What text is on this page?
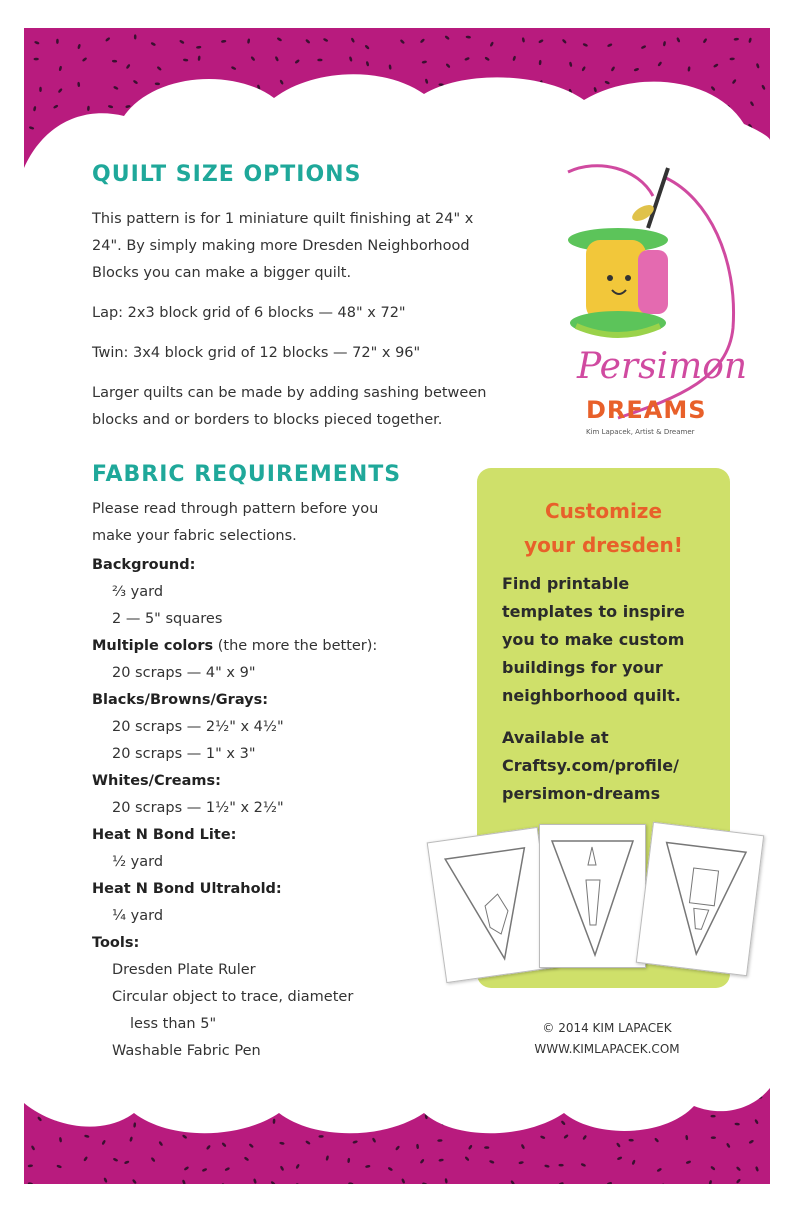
QUILT SIZE OPTIONS
This pattern is for 1 miniature quilt finishing at 24" x 24". By simply making more Dresden Neighborhood Blocks you can make a bigger quilt.
Lap: 2x3 block grid of 6 blocks — 48" x 72"
Twin: 3x4 block grid of 12 blocks — 72" x 96"
Larger quilts can be made by adding sashing between blocks and or borders to blocks pieced together.
FABRIC REQUIREMENTS
Please read through pattern before you make your fabric selections.
Background:
⅔ yard
2 — 5" squares
Multiple colors (the more the better):
20 scraps — 4" x 9"
Blacks/Browns/Grays:
20 scraps — 2½" x 4½"
20 scraps — 1" x 3"
Whites/Creams:
20 scraps — 1½" x 2½"
Heat N Bond Lite:
½ yard
Heat N Bond Ultrahold:
¼ yard
Tools:
Dresden Plate Ruler
Circular object to trace, diameter
less than 5"
Washable Fabric Pen
Persimon
DREAMS
Kim Lapacek, Artist & Dreamer
Customize
your dresden!
Find printable templates to inspire you to make custom buildings for your neighborhood quilt.
Available at
Craftsy.com/profile/
persimon-dreams
© 2014 KIM LAPACEK
WWW.KIMLAPACEK.COM
